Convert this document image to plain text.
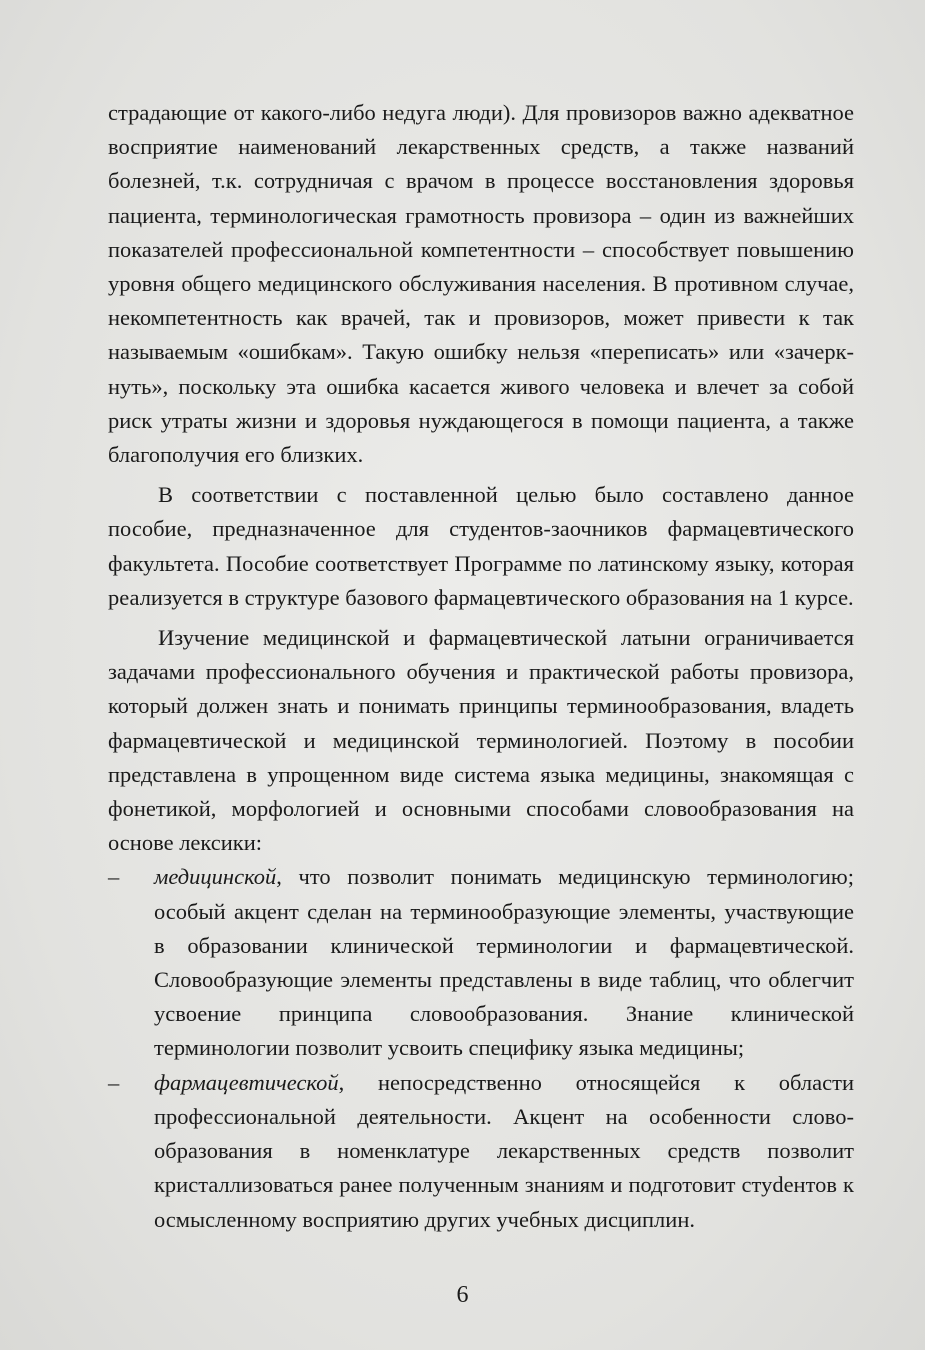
страдающие от какого-либо недуга люди). Для провизоров важно адекватное восприятие наименований лекарственных средств, а также названий болезней, т.к. сотрудничая с врачом в процессе восстановления здоровья пациента, терминологическая грамотность провизора – один из важнейших показателей профессиональной компетентности – способствует повышению уровня общего медицинского обслуживания населения. В противном случае, некомпетентность как врачей, так и провизоров, может привести к так называемым «ошибкам». Такую ошибку нельзя «переписать» или «зачеркнуть», поскольку эта ошибка касается живого человека и влечет за собой риск утраты жизни и здоровья нуждающегося в помощи пациента, а также благополучия его близких.

В соответствии с поставленной целью было составлено данное пособие, предназначенное для студентов-заочников фармацевтического факультета. Пособие соответствует Программе по латинскому языку, которая реализуется в структуре базового фармацевтического образования на 1 курсе.

Изучение медицинской и фармацевтической латыни ограничивается задачами профессионального обучения и практической работы провизора, который должен знать и понимать принципы терминообразования, владеть фармацевтической и медицинской терминологией. Поэтому в пособии представлена в упрощенном виде система языка медицины, знакомящая с фонетикой, морфологией и основными способами словообразования на основе лексики:

– медицинской, что позволит понимать медицинскую терминологию; особый акцент сделан на терминообразующие элементы, участвующие в образовании клинической терминологии и фармацевтической. Словообразующие элементы представлены в виде таблиц, что облегчит усвоение принципа словообразования. Знание клинической терминологии позволит усвоить специфику языка медицины;
– фармацевтической, непосредственно относящейся к области профессиональной деятельности. Акцент на особенности словообразования в номенклатуре лекарственных средств позволит кристаллизоваться ранее полученным знаниям и подготовит стуdентов к осмысленному восприятию других учебных дисциплин.
6
